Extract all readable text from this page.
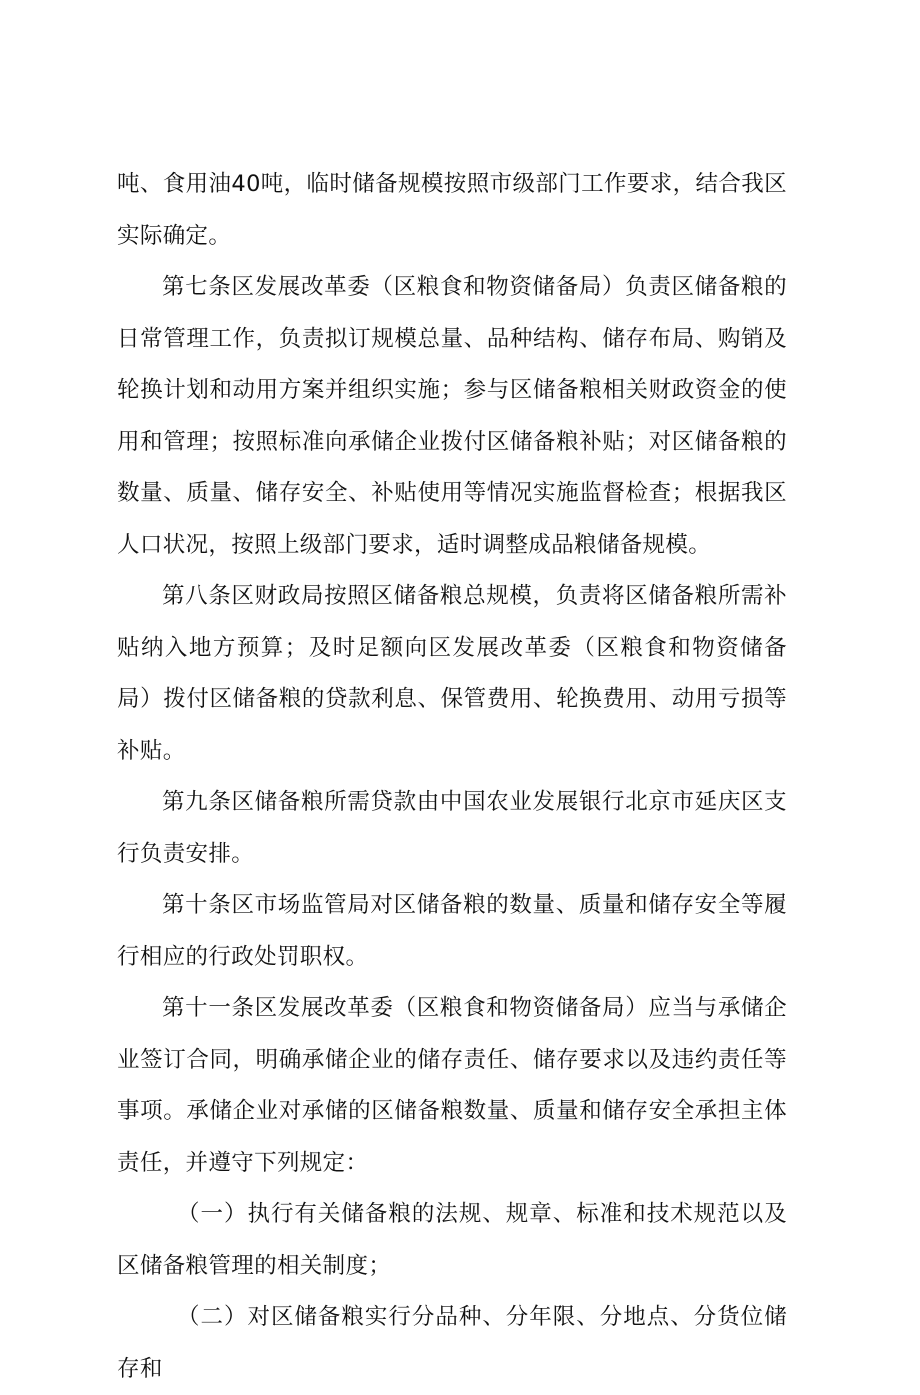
吨、食用油40吨，临时储备规模按照市级部门工作要求，结合我区实际确定。

第七条区发展改革委（区粮食和物资储备局）负责区储备粮的日常管理工作，负责拟订规模总量、品种结构、储存布局、购销及轮换计划和动用方案并组织实施；参与区储备粮相关财政资金的使用和管理；按照标准向承储企业拨付区储备粮补贴；对区储备粮的数量、质量、储存安全、补贴使用等情况实施监督检查；根据我区人口状况，按照上级部门要求，适时调整成品粮储备规模。

第八条区财政局按照区储备粮总规模，负责将区储备粮所需补贴纳入地方预算；及时足额向区发展改革委（区粮食和物资储备局）拨付区储备粮的贷款利息、保管费用、轮换费用、动用亏损等补贴。

第九条区储备粮所需贷款由中国农业发展银行北京市延庆区支行负责安排。

第十条区市场监管局对区储备粮的数量、质量和储存安全等履行相应的行政处罚职权。

第十一条区发展改革委（区粮食和物资储备局）应当与承储企业签订合同，明确承储企业的储存责任、储存要求以及违约责任等事项。承储企业对承储的区储备粮数量、质量和储存安全承担主体责任，并遵守下列规定：

（一）执行有关储备粮的法规、规章、标准和技术规范以及区储备粮管理的相关制度；

（二）对区储备粮实行分品种、分年限、分地点、分货位储存和
